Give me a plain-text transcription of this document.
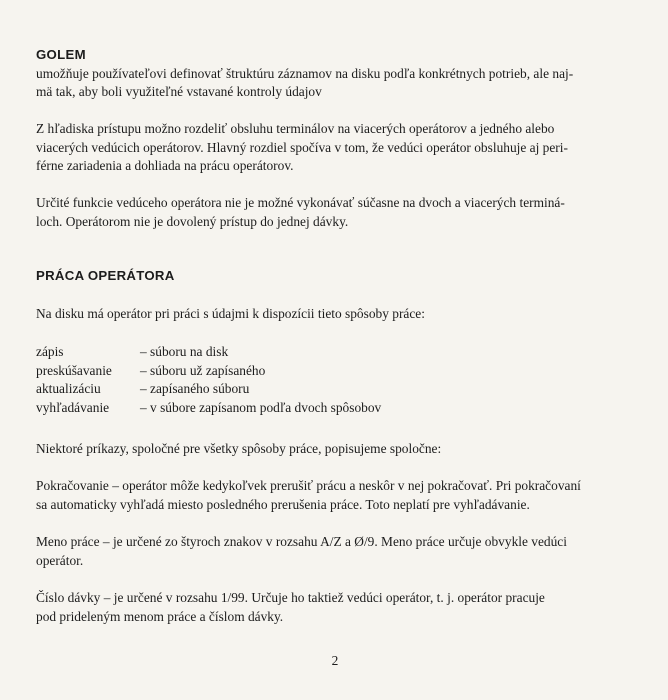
GOLEM
umožňuje používateľovi definovať štruktúru záznamov na disku podľa konkrétnych potrieb, ale naj-
mä tak, aby boli využiteľné vstavané kontroly údajov

Z hľadiska prístupu možno rozdeliť obsluhu terminálov na viacerých operátorov a jedného alebo
viacerých vedúcich operátorov. Hlavný rozdiel spočíva v tom, že vedúci operátor obsluhuje aj peri-
férne zariadenia a dohliada na prácu operátorov.

Určité funkcie vedúceho operátora nie je možné vykonávať súčasne na dvoch a viacerých terminá-
loch. Operátorom nie je dovolený prístup do jednej dávky.

PRÁCA OPERÁTORA

Na disku má operátor pri práci s údajmi k dispozícii tieto spôsoby práce:

zápis	– súboru na disk
preskúšavanie	– súboru už zapísaného
aktualizáciu	– zapísaného súboru
vyhľadávanie	– v súbore zapísanom podľa dvoch spôsobov

Niektoré príkazy, spoločné pre všetky spôsoby práce, popisujeme spoločne:

Pokračovanie – operátor môže kedykoľvek prerušiť prácu a neskôr v nej pokračovať. Pri pokračovaní
sa automaticky vyhľadá miesto posledného prerušenia práce. Toto neplatí pre vyhľadávanie.

Meno práce – je určené zo štyroch znakov v rozsahu A/Z a Ø/9. Meno práce určuje obvykle vedúci
operátor.

Číslo dávky – je určené v rozsahu 1/99. Určuje ho taktiež vedúci operátor, t. j. operátor pracuje
pod prideleným menom práce a číslom dávky.

2
